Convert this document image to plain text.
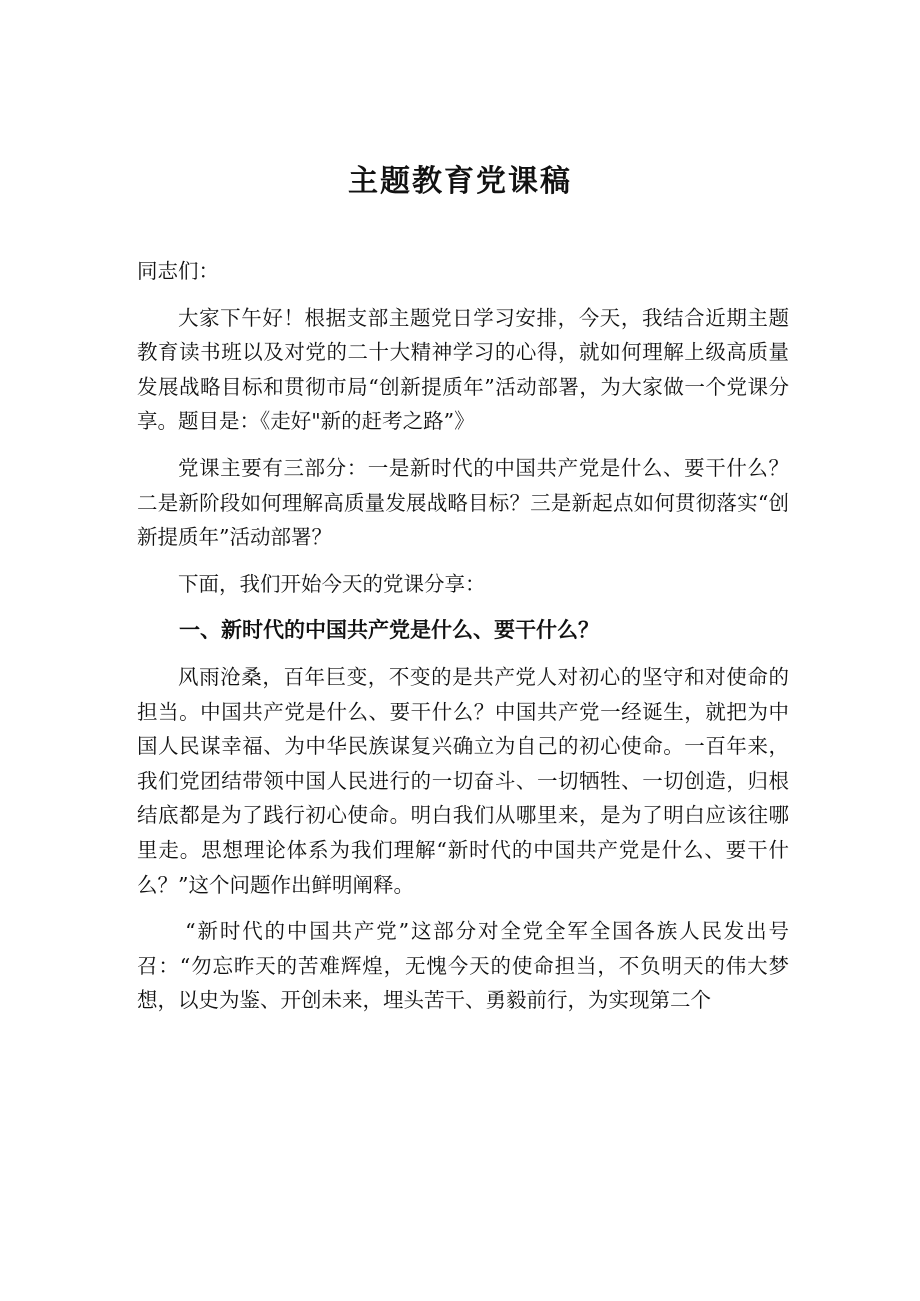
主题教育党课稿

同志们：

大家下午好！根据支部主题党日学习安排，今天，我结合近期主题教育读书班以及对党的二十大精神学习的心得，就如何理解上级高质量发展战略目标和贯彻市局“创新提质年”活动部署，为大家做一个党课分享。题目是：《走好"新的赶考之路”》

党课主要有三部分：一是新时代的中国共产党是什么、要干什么？二是新阶段如何理解高质量发展战略目标？三是新起点如何贯彻落实“创新提质年”活动部署？

下面，我们开始今天的党课分享：

一、新时代的中国共产党是什么、要干什么？

风雨沧桑，百年巨变，不变的是共产党人对初心的坚守和对使命的担当。中国共产党是什么、要干什么？中国共产党一经诞生，就把为中国人民谋幸福、为中华民族谋复兴确立为自己的初心使命。一百年来，我们党团结带领中国人民进行的一切奋斗、一切牺牲、一切创造，归根结底都是为了践行初心使命。明白我们从哪里来，是为了明白应该往哪里走。思想理论体系为我们理解“新时代的中国共产党是什么、要干什么？”这个问题作出鲜明阐释。

“新时代的中国共产党”这部分对全党全军全国各族人民发出号召：“勿忘昨天的苦难辉煌，无愧今天的使命担当，不负明天的伟大梦想，以史为鉴、开创未来，埋头苦干、勇毅前行，为实现第二个
